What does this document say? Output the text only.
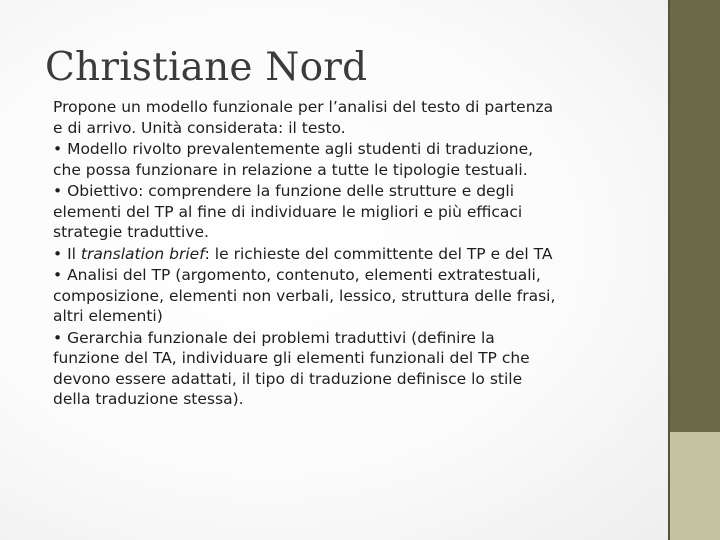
Christiane Nord

Propone un modello funzionale per l’analisi del testo di partenza
e di arrivo. Unità considerata: il testo.

• Modello rivolto prevalentemente agli studenti di traduzione,
che possa funzionare in relazione a tutte le tipologie testuali.

• Obiettivo: comprendere la funzione delle strutture e degli
elementi del TP al fine di individuare le migliori e più efficaci
strategie traduttive.

• Il translation brief: le richieste del committente del TP e del TA

• Analisi del TP (argomento, contenuto, elementi extratestuali,
composizione, elementi non verbali, lessico, struttura delle frasi,
altri elementi)

• Gerarchia funzionale dei problemi traduttivi (definire la
funzione del TA, individuare gli elementi funzionali del TP che
devono essere adattati, il tipo di traduzione definisce lo stile
della traduzione stessa).
